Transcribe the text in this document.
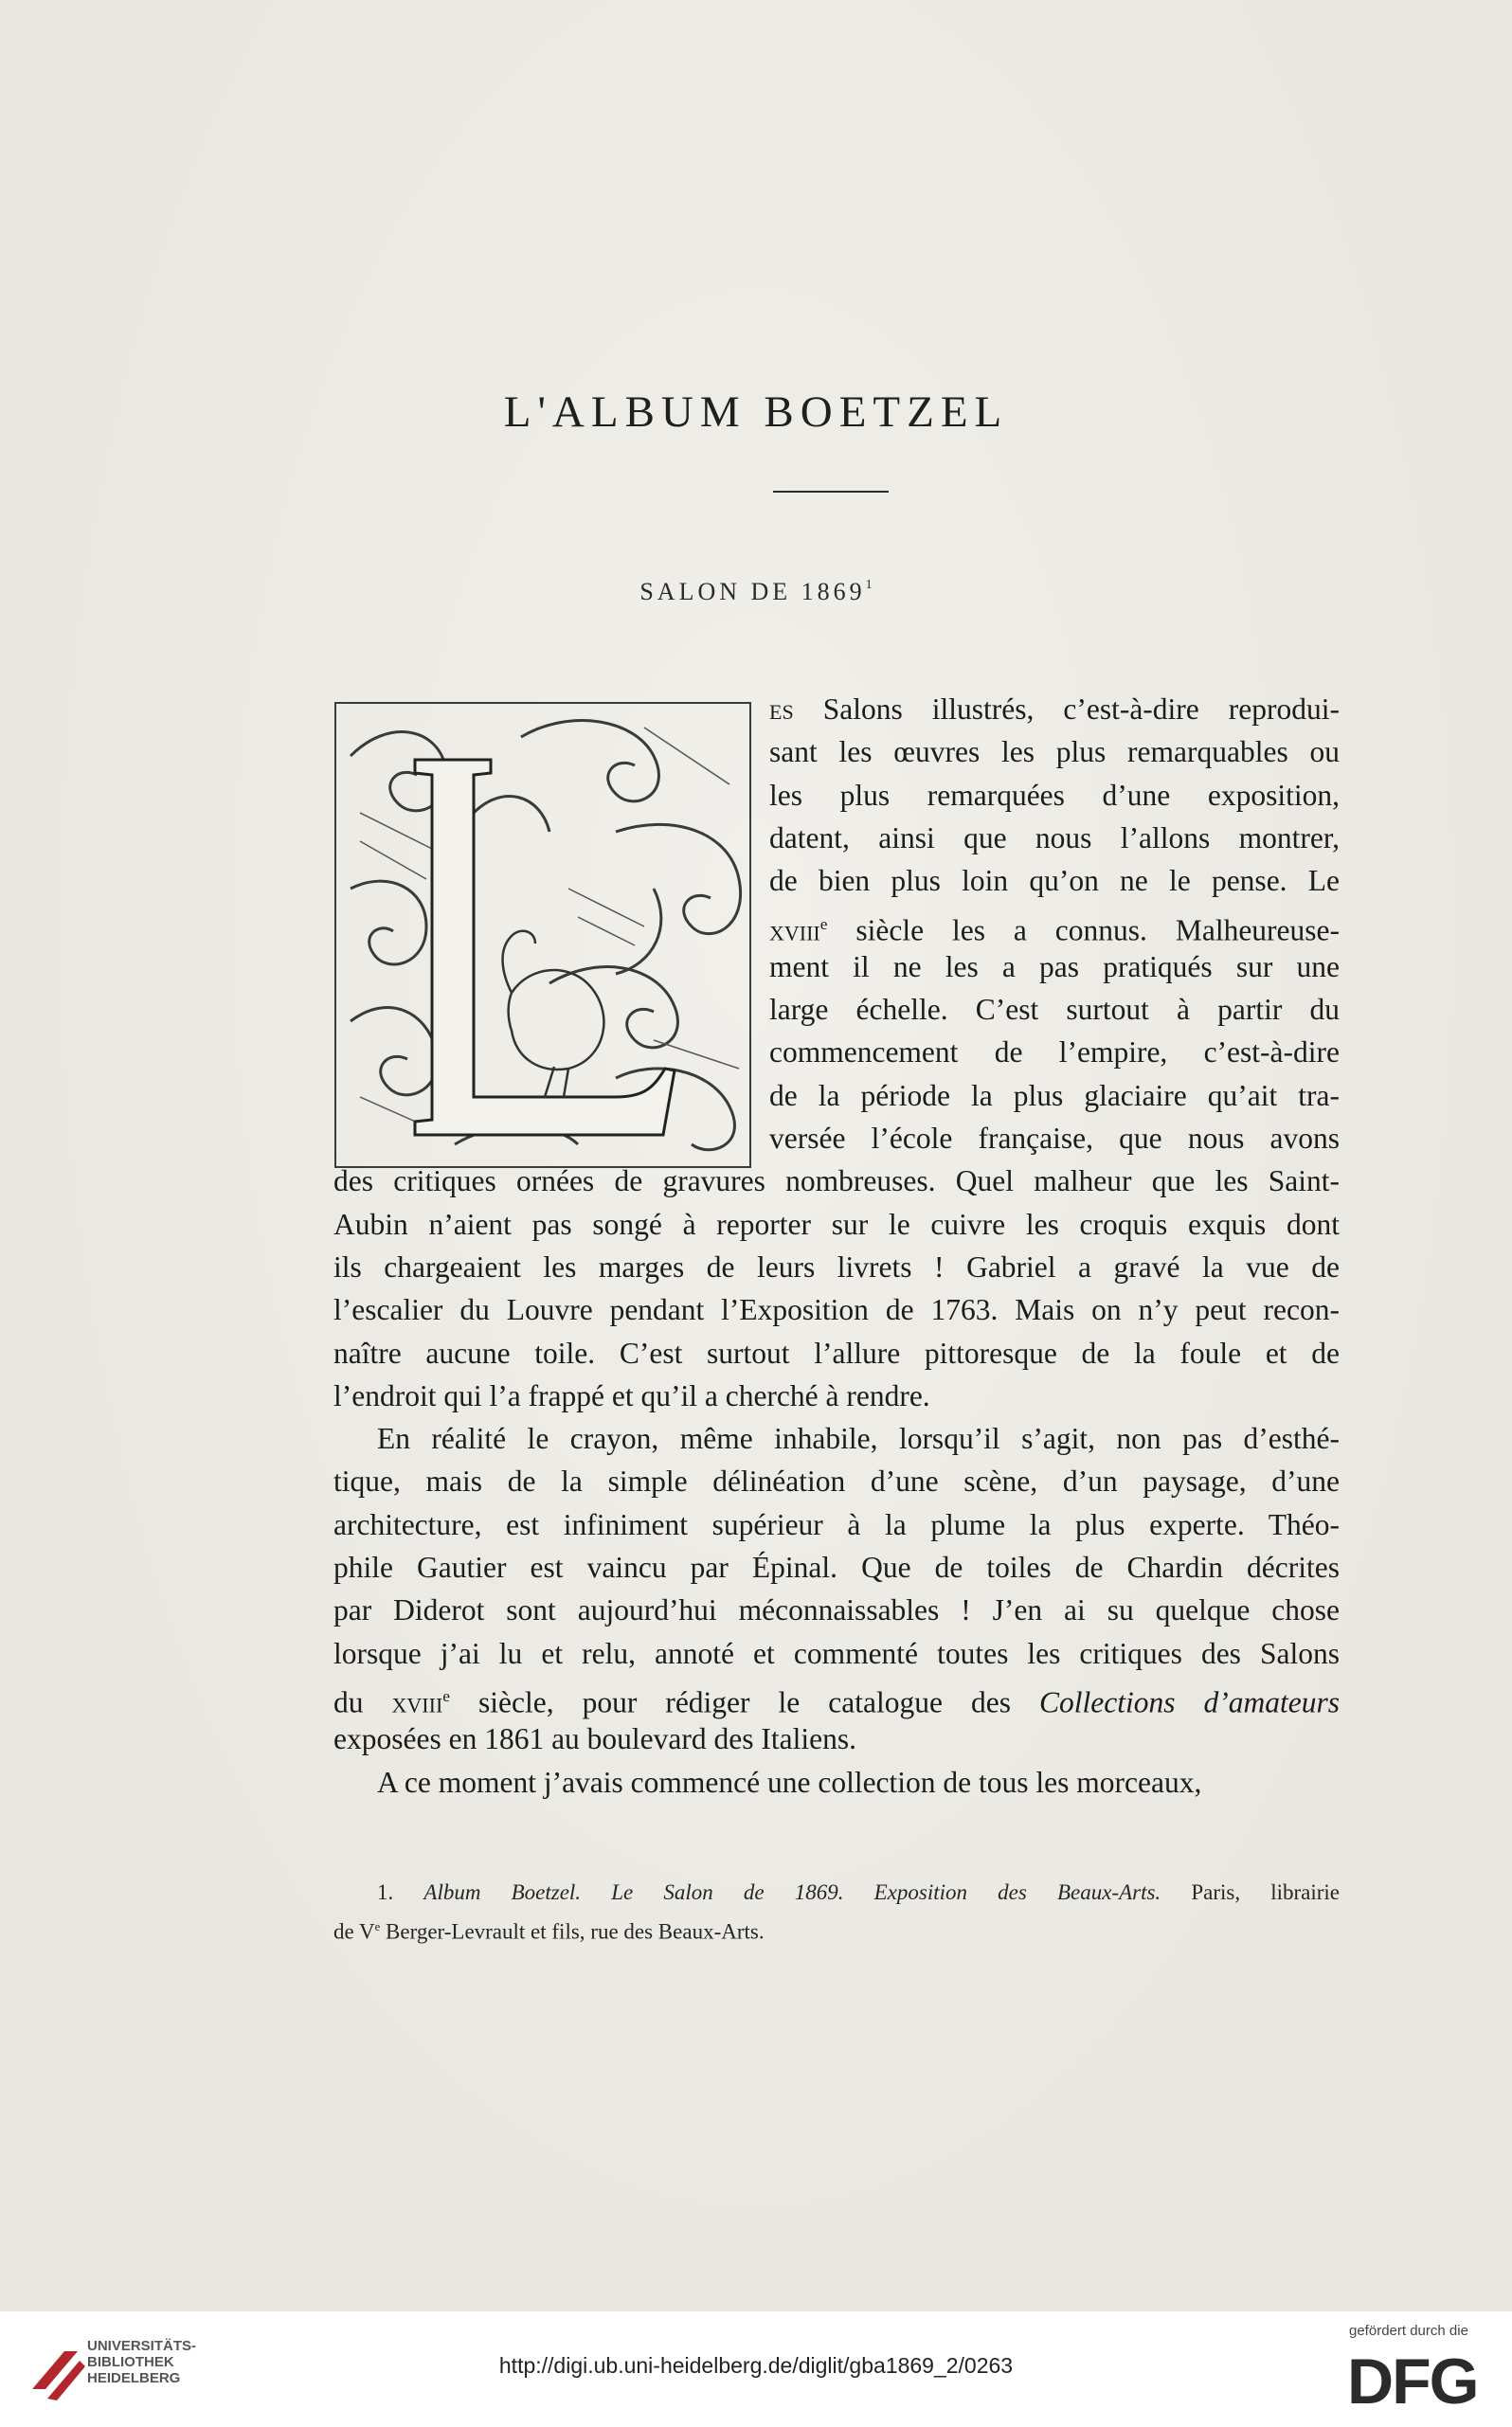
L'ALBUM BOETZEL
SALON DE 1869$^1$
es Salons illustrés, c’est-à-dire reprodui-
sant les œuvres les plus remarquables ou
les plus remarquées d’une exposition,
datent, ainsi que nous l’allons montrer,
de bien plus loin qu’on ne le pense. Le
xviii$^e$ siècle les a connus. Malheureuse-
ment il ne les a pas pratiqués sur une
large échelle. C’est surtout à partir du
commencement de l’empire, c’est-à-dire
de la période la plus glaciaire qu’ait tra-
versée l’école française, que nous avons
des critiques ornées de gravures nombreuses. Quel malheur que les Saint-
Aubin n’aient pas songé à reporter sur le cuivre les croquis exquis dont
ils chargeaient les marges de leurs livrets ! Gabriel a gravé la vue de
l’escalier du Louvre pendant l’Exposition de 1763. Mais on n’y peut recon-
naître aucune toile. C’est surtout l’allure pittoresque de la foule et de
l’endroit qui l’a frappé et qu’il a cherché à rendre.
En réalité le crayon, même inhabile, lorsqu’il s’agit, non pas d’esthé-
tique, mais de la simple délinéation d’une scène, d’un paysage, d’une
architecture, est infiniment supérieur à la plume la plus experte. Théo-
phile Gautier est vaincu par Épinal. Que de toiles de Chardin décrites
par Diderot sont aujourd’hui méconnaissables ! J’en ai su quelque chose
lorsque j’ai lu et relu, annoté et commenté toutes les critiques des Salons
du xviii$^e$ siècle, pour rédiger le catalogue des Collections d’amateurs
exposées en 1861 au boulevard des Italiens.
A ce moment j’avais commencé une collection de tous les morceaux,
1. Album Boetzel. Le Salon de 1869. Exposition des Beaux-Arts. Paris, librairie
de Ve Berger-Levrault et fils, rue des Beaux-Arts.
UNIVERSITÄTS-
BIBLIOTHEK
HEIDELBERG
http://digi.ub.uni-heidelberg.de/diglit/gba1869_2/0263
gefördert durch die
DFG
